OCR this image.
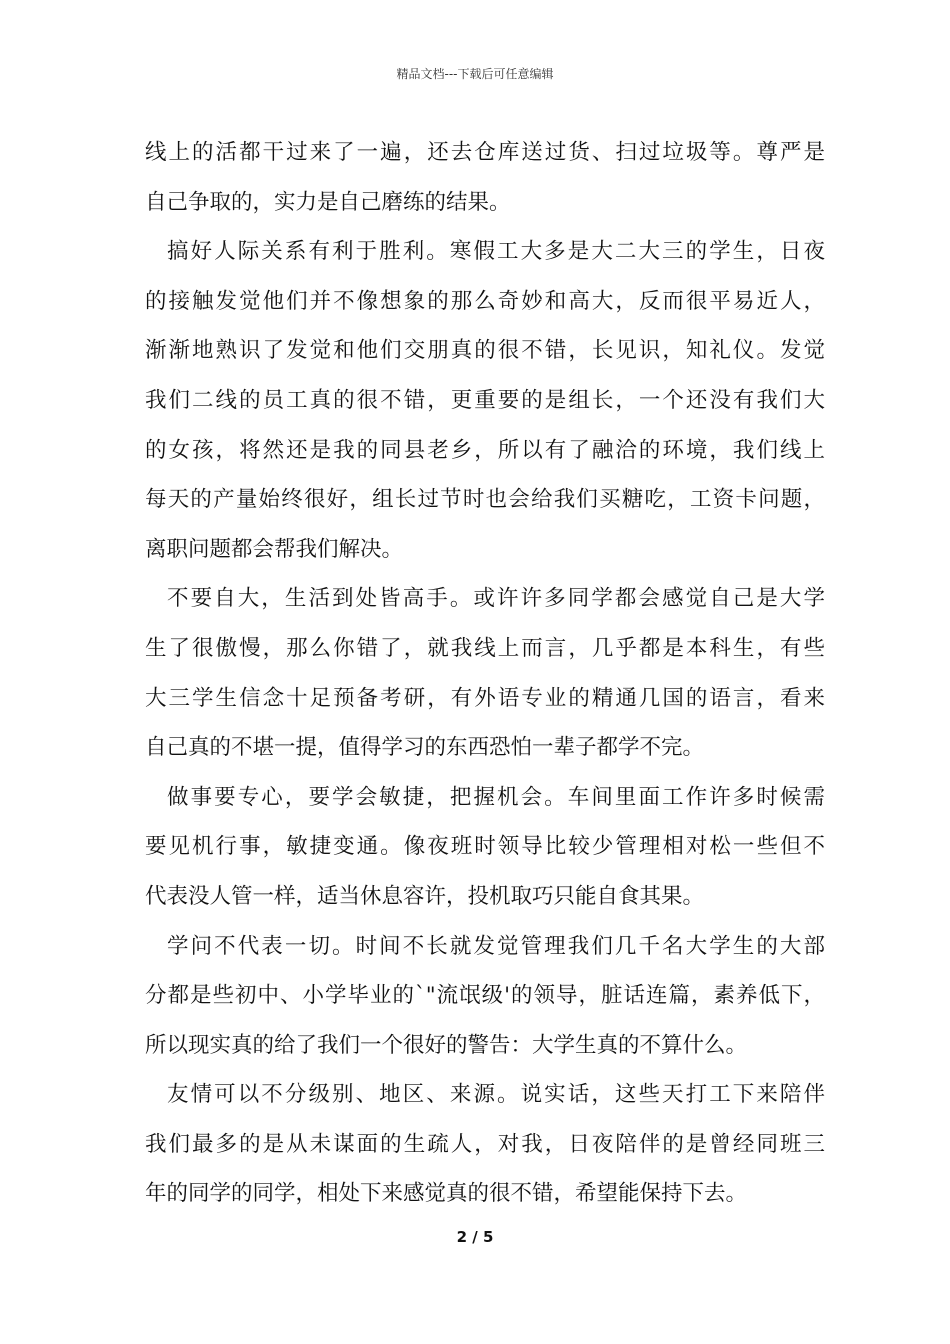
精品文档---下载后可任意编辑
线上的活都干过来了一遍，还去仓库送过货、扫过垃圾等。尊严是
自己争取的，实力是自己磨练的结果。
搞好人际关系有利于胜利。寒假工大多是大二大三的学生，日夜
的接触发觉他们并不像想象的那么奇妙和高大，反而很平易近人，
渐渐地熟识了发觉和他们交朋真的很不错，长见识，知礼仪。发觉
我们二线的员工真的很不错，更重要的是组长，一个还没有我们大
的女孩，将然还是我的同县老乡，所以有了融洽的环境，我们线上
每天的产量始终很好，组长过节时也会给我们买糖吃，工资卡问题，
离职问题都会帮我们解决。
不要自大，生活到处皆高手。或许许多同学都会感觉自己是大学
生了很傲慢，那么你错了，就我线上而言，几乎都是本科生，有些
大三学生信念十足预备考研，有外语专业的精通几国的语言，看来
自己真的不堪一提，值得学习的东西恐怕一辈子都学不完。
做事要专心，要学会敏捷，把握机会。车间里面工作许多时候需
要见机行事，敏捷变通。像夜班时领导比较少管理相对松一些但不
代表没人管一样，适当休息容许，投机取巧只能自食其果。
学问不代表一切。时间不长就发觉管理我们几千名大学生的大部
分都是些初中、小学毕业的`"流氓级'的领导，脏话连篇，素养低下，
所以现实真的给了我们一个很好的警告：大学生真的不算什么。
友情可以不分级别、地区、来源。说实话，这些天打工下来陪伴
我们最多的是从未谋面的生疏人，对我，日夜陪伴的是曾经同班三
年的同学的同学，相处下来感觉真的很不错，希望能保持下去。
2 / 5
